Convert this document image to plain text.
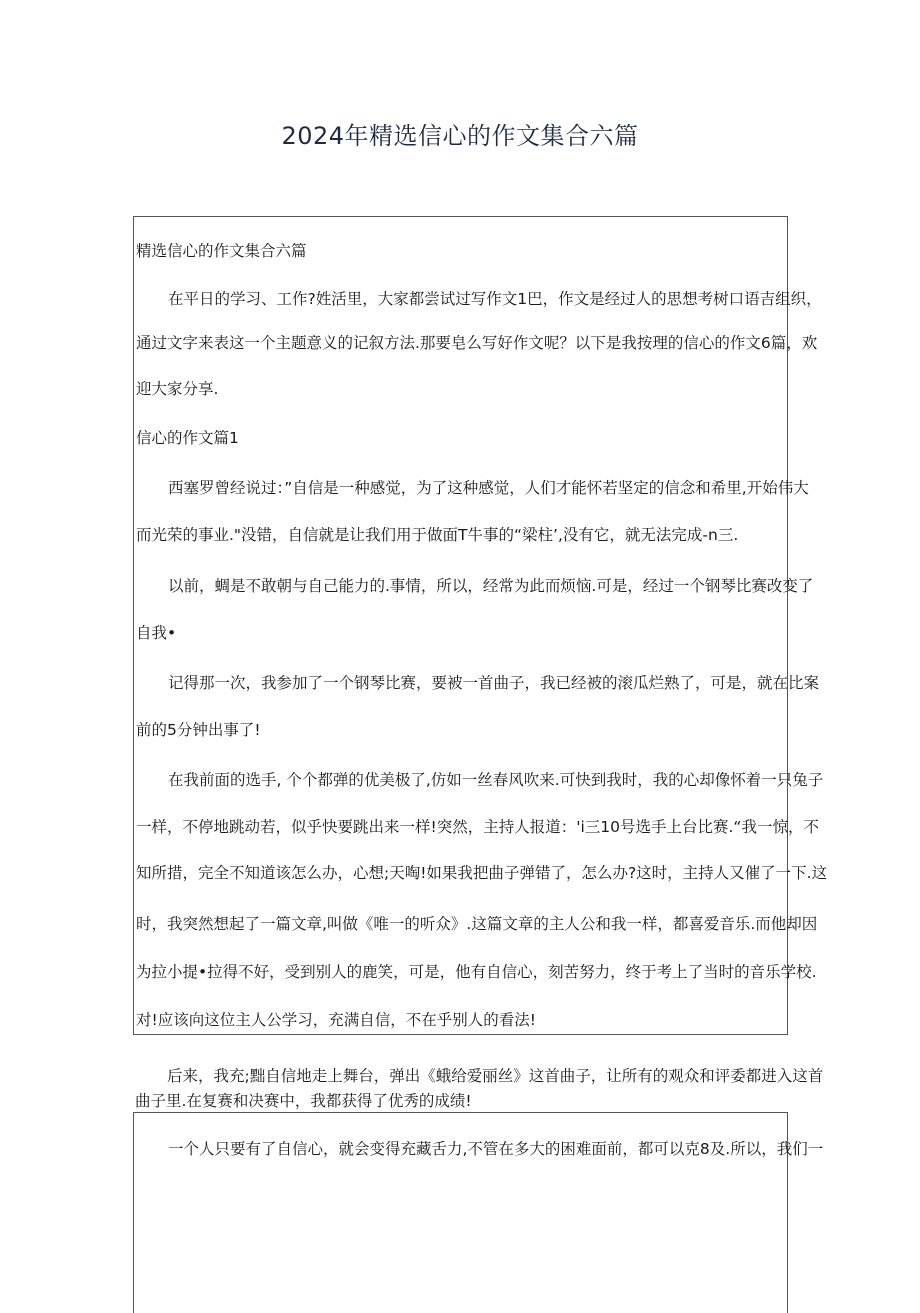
2024年精选信心的作文集合六篇
精选信心的作文集合六篇
在平日的学习、工作?姓活里，大家都尝试过写作文1巴，作文是经过人的思想考树口语吉组织，
通过文字来表这一个主题意义的记叙方法.那要皂么写好作文呢？以下是我按理的信心的作文6篇，欢
迎大家分享.
信心的作文篇1
西塞罗曾经说过：”自信是一种感觉，为了这种感觉，人们才能怀若坚定的信念和希里,开始伟大
而光荣的事业."没错，自信就是让我们用于做面T牛事的“梁柱’,没有它，就无法完成-n三.
以前，蜩是不敢朝与自己能力的.事情，所以，经常为此而烦恼.可是，经过一个钢琴比赛改变了
自我•
记得那一次，我参加了一个钢琴比赛，要被一首曲子，我已经被的滚瓜烂熟了，可是，就在比案
前的5分钟出事了!
在我前面的选手, 个个都弹的优美极了,仿如一丝春风吹来.可快到我时，我的心却像怀着一只兔子
一样，不停地跳动若，似乎快要跳出来一样!突然，主持人报道：'i三10号选手上台比赛.“我一惊，不
知所措，完全不知道该怎么办，心想;天啕!如果我把曲子弹错了，怎么办?这时，主持人又催了一下.这
时，我突然想起了一篇文章,叫做《唯一的听众》.这篇文章的主人公和我一样，都喜爱音乐.而他却因
为拉小提•拉得不好，受到别人的鹿笑，可是，他有自信心，刻苦努力，终于考上了当时的音乐学校.
对!应该向这位主人公学习，充满自信，不在乎别人的看法!
后来，我充;黜自信地走上舞台，弹出《蛾给爱丽丝》这首曲子，让所有的观众和评委都进入这首
曲子里.在复赛和决赛中，我都获得了优秀的成绩!
一个人只要有了自信心，就会变得充藏舌力,不管在多大的困难面前，都可以克8及.所以，我们一
